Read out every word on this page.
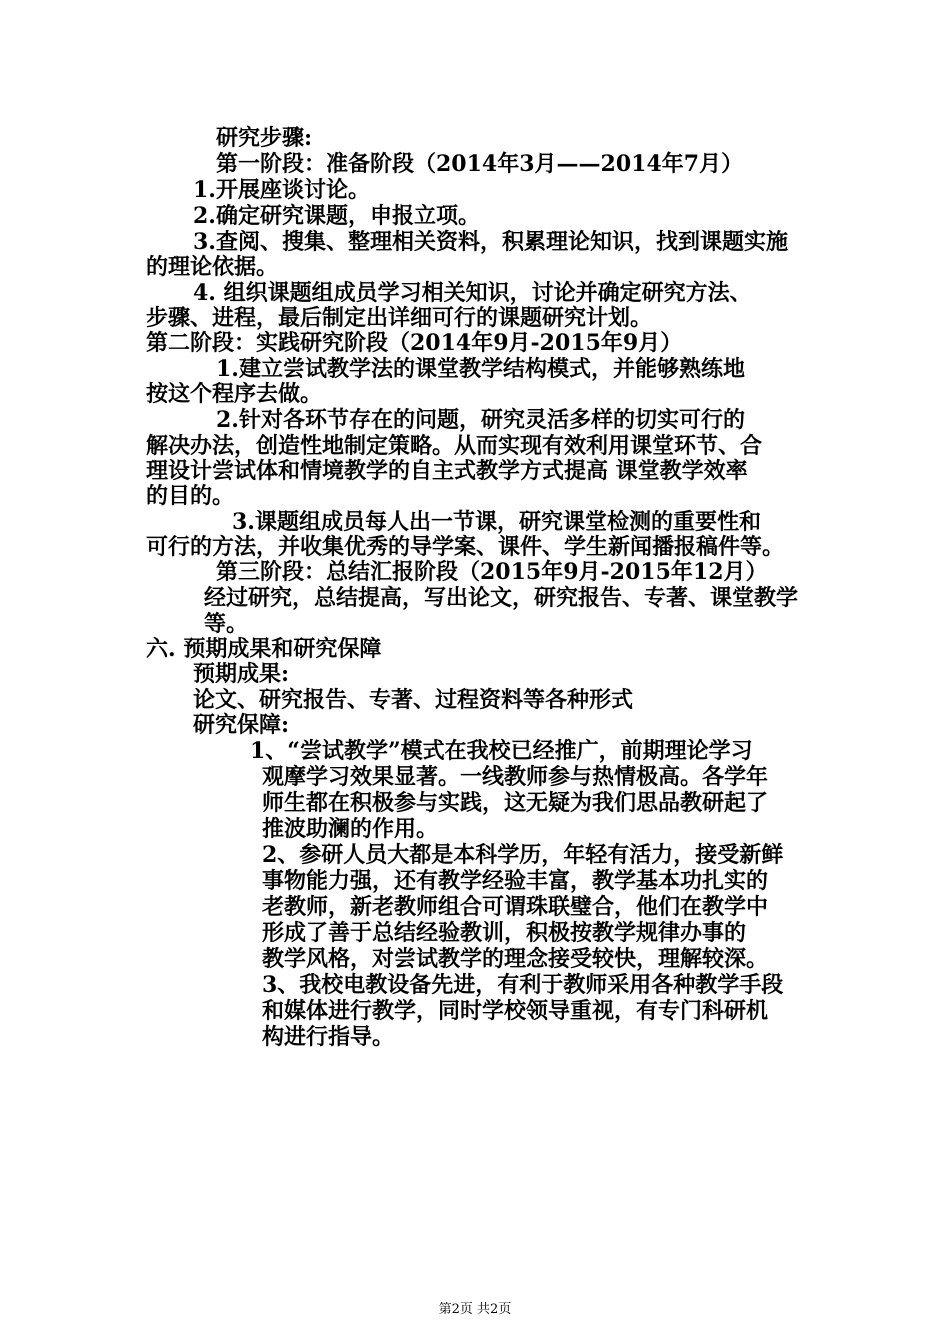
研究步骤:
第一阶段：准备阶段（2014年3月——2014年7月）
1.开展座谈讨论。
2.确定研究课题，申报立项。
3.查阅、搜集、整理相关资料，积累理论知识，找到课题实施
的理论依据。
4. 组织课题组成员学习相关知识，讨论并确定研究方法、
步骤、进程，最后制定出详细可行的课题研究计划。
第二阶段：实践研究阶段（2014年9月-2015年9月）
1.建立尝试教学法的课堂教学结构模式，并能够熟练地
按这个程序去做。
2.针对各环节存在的问题，研究灵活多样的切实可行的
解决办法，创造性地制定策略。从而实现有效利用课堂环节、合
理设计尝试体和情境教学的自主式教学方式提高 课堂教学效率
的目的。
3.课题组成员每人出一节课，研究课堂检测的重要性和
可行的方法，并收集优秀的导学案、课件、学生新闻播报稿件等。
第三阶段：总结汇报阶段（2015年9月-2015年12月）
经过研究，总结提高，写出论文，研究报告、专著、课堂教学
等。
六. 预期成果和研究保障
预期成果:
论文、研究报告、专著、过程资料等各种形式
研究保障:
1、“尝试教学”模式在我校已经推广，前期理论学习
观摩学习效果显著。一线教师参与热情极高。各学年
师生都在积极参与实践，这无疑为我们思品教研起了
推波助澜的作用。
2、参研人员大都是本科学历，年轻有活力，接受新鲜
事物能力强，还有教学经验丰富，教学基本功扎实的
老教师，新老教师组合可谓珠联璧合，他们在教学中
形成了善于总结经验教训，积极按教学规律办事的
教学风格，对尝试教学的理念接受较快，理解较深。
3、我校电教设备先进，有利于教师采用各种教学手段
和媒体进行教学，同时学校领导重视，有专门科研机
构进行指导。
第2页 共2页
